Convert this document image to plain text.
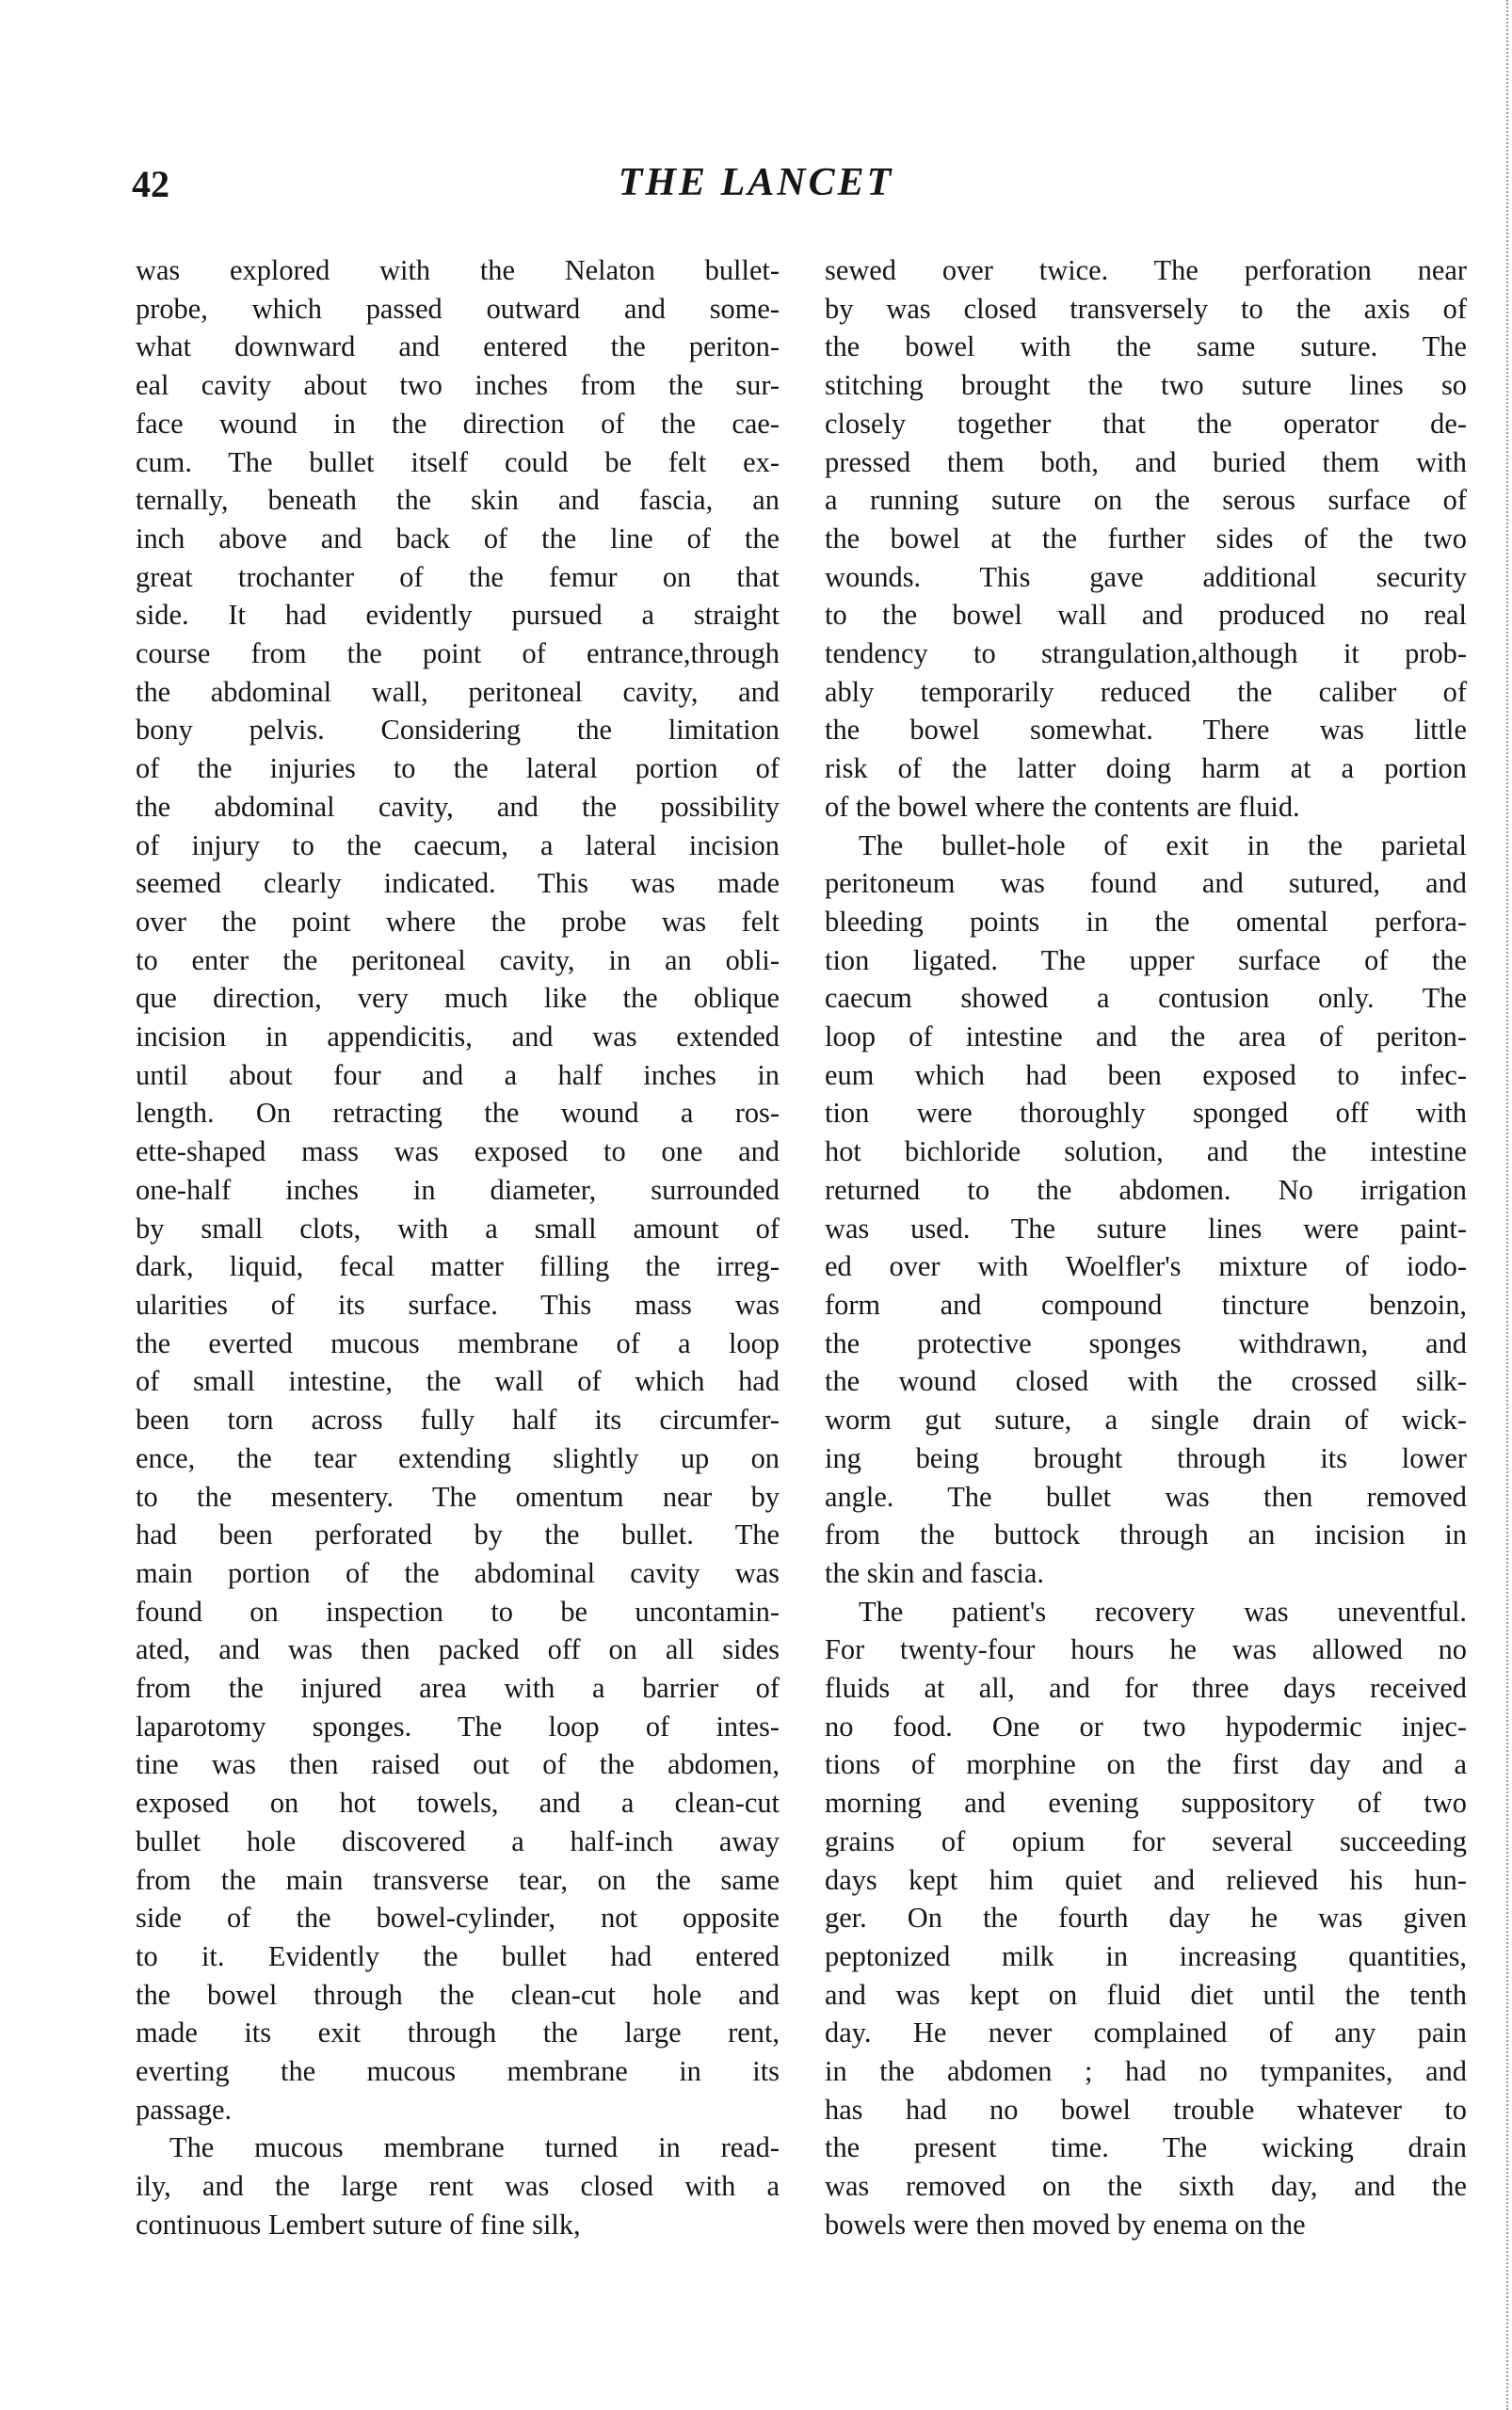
42	THE LANCET

was explored with the Nelaton bullet-
probe, which passed outward and some-
what downward and entered the periton-
eal cavity about two inches from the sur-
face wound in the direction of the cae-
cum. The bullet itself could be felt ex-
ternally, beneath the skin and fascia, an
inch above and back of the line of the
great trochanter of the femur on that
side. It had evidently pursued a straight
course from the point of entrance,through
the abdominal wall, peritoneal cavity, and
bony pelvis. Considering the limitation
of the injuries to the lateral portion of
the abdominal cavity, and the possibility
of injury to the caecum, a lateral incision
seemed clearly indicated. This was made
over the point where the probe was felt
to enter the peritoneal cavity, in an obli-
que direction, very much like the oblique
incision in appendicitis, and was extended
until about four and a half inches in
length. On retracting the wound a ros-
ette-shaped mass was exposed to one and
one-half inches in diameter, surrounded
by small clots, with a small amount of
dark, liquid, fecal matter filling the irreg-
ularities of its surface. This mass was
the everted mucous membrane of a loop
of small intestine, the wall of which had
been torn across fully half its circumfer-
ence, the tear extending slightly up on
to the mesentery. The omentum near by
had been perforated by the bullet. The
main portion of the abdominal cavity was
found on inspection to be uncontamin-
ated, and was then packed off on all sides
from the injured area with a barrier of
laparotomy sponges. The loop of intes-
tine was then raised out of the abdomen,
exposed on hot towels, and a clean-cut
bullet hole discovered a half-inch away
from the main transverse tear, on the same
side of the bowel-cylinder, not opposite
to it. Evidently the bullet had entered
the bowel through the clean-cut hole and
made its exit through the large rent,
everting the mucous membrane in its
passage.

The mucous membrane turned in read-
ily, and the large rent was closed with a
continuous Lembert suture of fine silk,

sewed over twice. The perforation near
by was closed transversely to the axis of
the bowel with the same suture. The
stitching brought the two suture lines so
closely together that the operator de-
pressed them both, and buried them with
a running suture on the serous surface of
the bowel at the further sides of the two
wounds. This gave additional security
to the bowel wall and produced no real
tendency to strangulation,although it prob-
ably temporarily reduced the caliber of
the bowel somewhat. There was little
risk of the latter doing harm at a portion
of the bowel where the contents are fluid.

The bullet-hole of exit in the parietal
peritoneum was found and sutured, and
bleeding points in the omental perfora-
tion ligated. The upper surface of the
caecum showed a contusion only. The
loop of intestine and the area of periton-
eum which had been exposed to infec-
tion were thoroughly sponged off with
hot bichloride solution, and the intestine
returned to the abdomen. No irrigation
was used. The suture lines were paint-
ed over with Woelfler's mixture of iodo-
form and compound tincture benzoin,
the protective sponges withdrawn, and
the wound closed with the crossed silk-
worm gut suture, a single drain of wick-
ing being brought through its lower
angle. The bullet was then removed
from the buttock through an incision in
the skin and fascia.

The patient's recovery was uneventful.
For twenty-four hours he was allowed no
fluids at all, and for three days received
no food. One or two hypodermic injec-
tions of morphine on the first day and a
morning and evening suppository of two
grains of opium for several succeeding
days kept him quiet and relieved his hun-
ger. On the fourth day he was given
peptonized milk in increasing quantities,
and was kept on fluid diet until the tenth
day. He never complained of any pain
in the abdomen ; had no tympanites, and
has had no bowel trouble whatever to
the present time. The wicking drain
was removed on the sixth day, and the
bowels were then moved by enema on the
